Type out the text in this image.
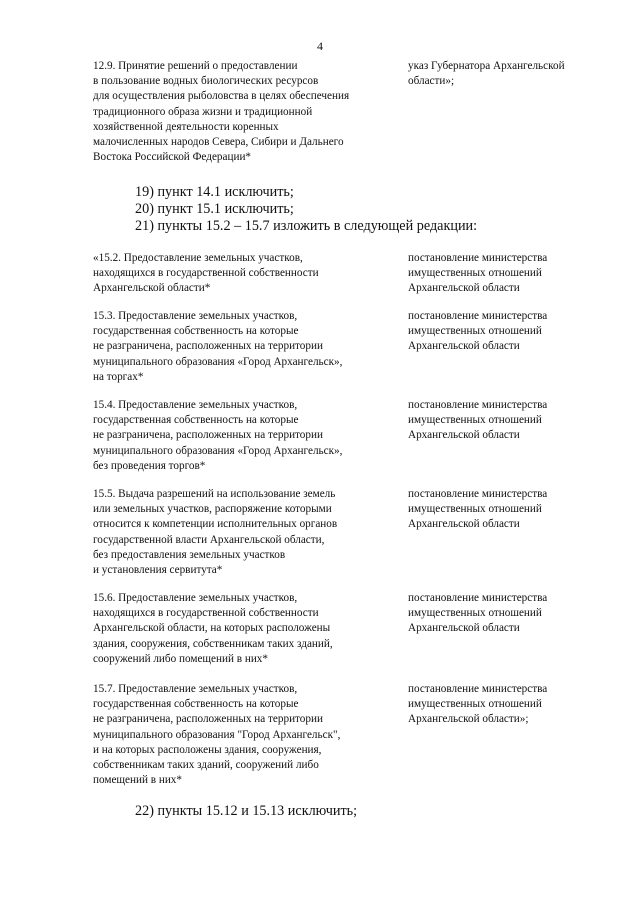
4
12.9. Принятие решений о предоставлении
в пользование водных биологических ресурсов
для осуществления рыболовства в целях обеспечения
традиционного образа жизни и традиционной
хозяйственной деятельности коренных
малочисленных народов Севера, Сибири и Дальнего
Востока Российской Федерации*
указ Губернатора Архангельской
области»;
19) пункт 14.1 исключить;
20) пункт 15.1 исключить;
21) пункты 15.2 – 15.7 изложить в следующей редакции:
«15.2. Предоставление земельных участков,
находящихся в государственной собственности
Архангельской области*
постановление министерства
имущественных отношений
Архангельской области
15.3. Предоставление земельных участков,
государственная собственность на которые
не разграничена, расположенных на территории
муниципального образования «Город Архангельск»,
на торгах*
постановление министерства
имущественных отношений
Архангельской области
15.4. Предоставление земельных участков,
государственная собственность на которые
не разграничена, расположенных на территории
муниципального образования «Город Архангельск»,
без проведения торгов*
постановление министерства
имущественных отношений
Архангельской области
15.5. Выдача разрешений на использование земель
или земельных участков, распоряжение которыми
относится к компетенции исполнительных органов
государственной власти Архангельской области,
без предоставления земельных участков
и установления сервитута*
постановление министерства
имущественных отношений
Архангельской области
15.6. Предоставление земельных участков,
находящихся в государственной собственности
Архангельской области, на которых расположены
здания, сооружения, собственникам таких зданий,
сооружений либо помещений в них*
постановление министерства
имущественных отношений
Архангельской области
15.7. Предоставление земельных участков,
государственная собственность на которые
не разграничена, расположенных на территории
муниципального образования "Город Архангельск",
и на которых расположены здания, сооружения,
собственникам таких зданий, сооружений либо
помещений в них*
постановление министерства
имущественных отношений
Архангельской области»;
22) пункты 15.12 и 15.13 исключить;
